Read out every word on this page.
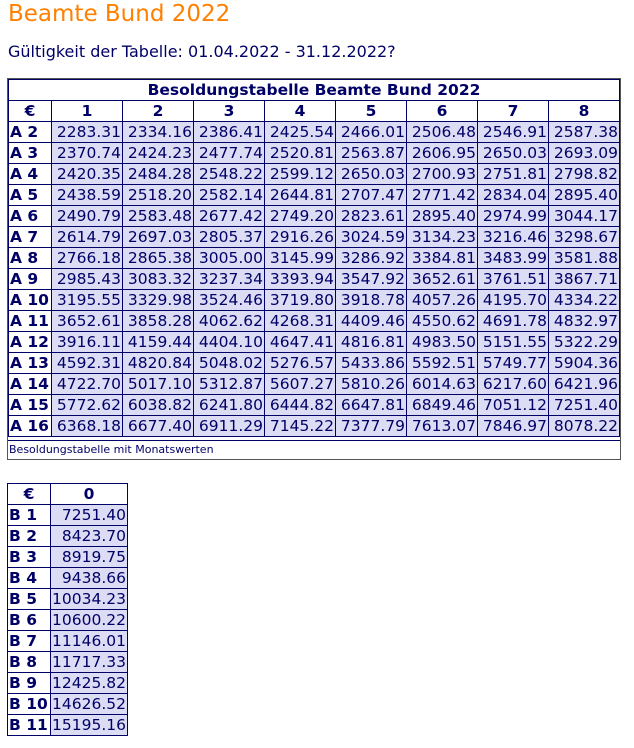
Beamte Bund 2022

Gültigkeit der Tabelle: 01.04.2022 - 31.12.2022?

Besoldungstabelle Beamte Bund 2022								
€	1	2	3	4	5	6	7	8
A 2	2283.31	2334.16	2386.41	2425.54	2466.01	2506.48	2546.91	2587.38
A 3	2370.74	2424.23	2477.74	2520.81	2563.87	2606.95	2650.03	2693.09
A 4	2420.35	2484.28	2548.22	2599.12	2650.03	2700.93	2751.81	2798.82
A 5	2438.59	2518.20	2582.14	2644.81	2707.47	2771.42	2834.04	2895.40
A 6	2490.79	2583.48	2677.42	2749.20	2823.61	2895.40	2974.99	3044.17
A 7	2614.79	2697.03	2805.37	2916.26	3024.59	3134.23	3216.46	3298.67
A 8	2766.18	2865.38	3005.00	3145.99	3286.92	3384.81	3483.99	3581.88
A 9	2985.43	3083.32	3237.34	3393.94	3547.92	3652.61	3761.51	3867.71
A 10	3195.55	3329.98	3524.46	3719.80	3918.78	4057.26	4195.70	4334.22
A 11	3652.61	3858.28	4062.62	4268.31	4409.46	4550.62	4691.78	4832.97
A 12	3916.11	4159.44	4404.10	4647.41	4816.81	4983.50	5151.55	5322.29
A 13	4592.31	4820.84	5048.02	5276.57	5433.86	5592.51	5749.77	5904.36
A 14	4722.70	5017.10	5312.87	5607.27	5810.26	6014.63	6217.60	6421.96
A 15	5772.62	6038.82	6241.80	6444.82	6647.81	6849.46	7051.12	7251.40
A 16	6368.18	6677.40	6911.29	7145.22	7377.79	7613.07	7846.97	8078.22
Besoldungstabelle mit Monatswerten
€	0
B 1	7251.40
B 2	8423.70
B 3	8919.75
B 4	9438.66
B 5	10034.23
B 6	10600.22
B 7	11146.01
B 8	11717.33
B 9	12425.82
B 10	14626.52
B 11	15195.16
